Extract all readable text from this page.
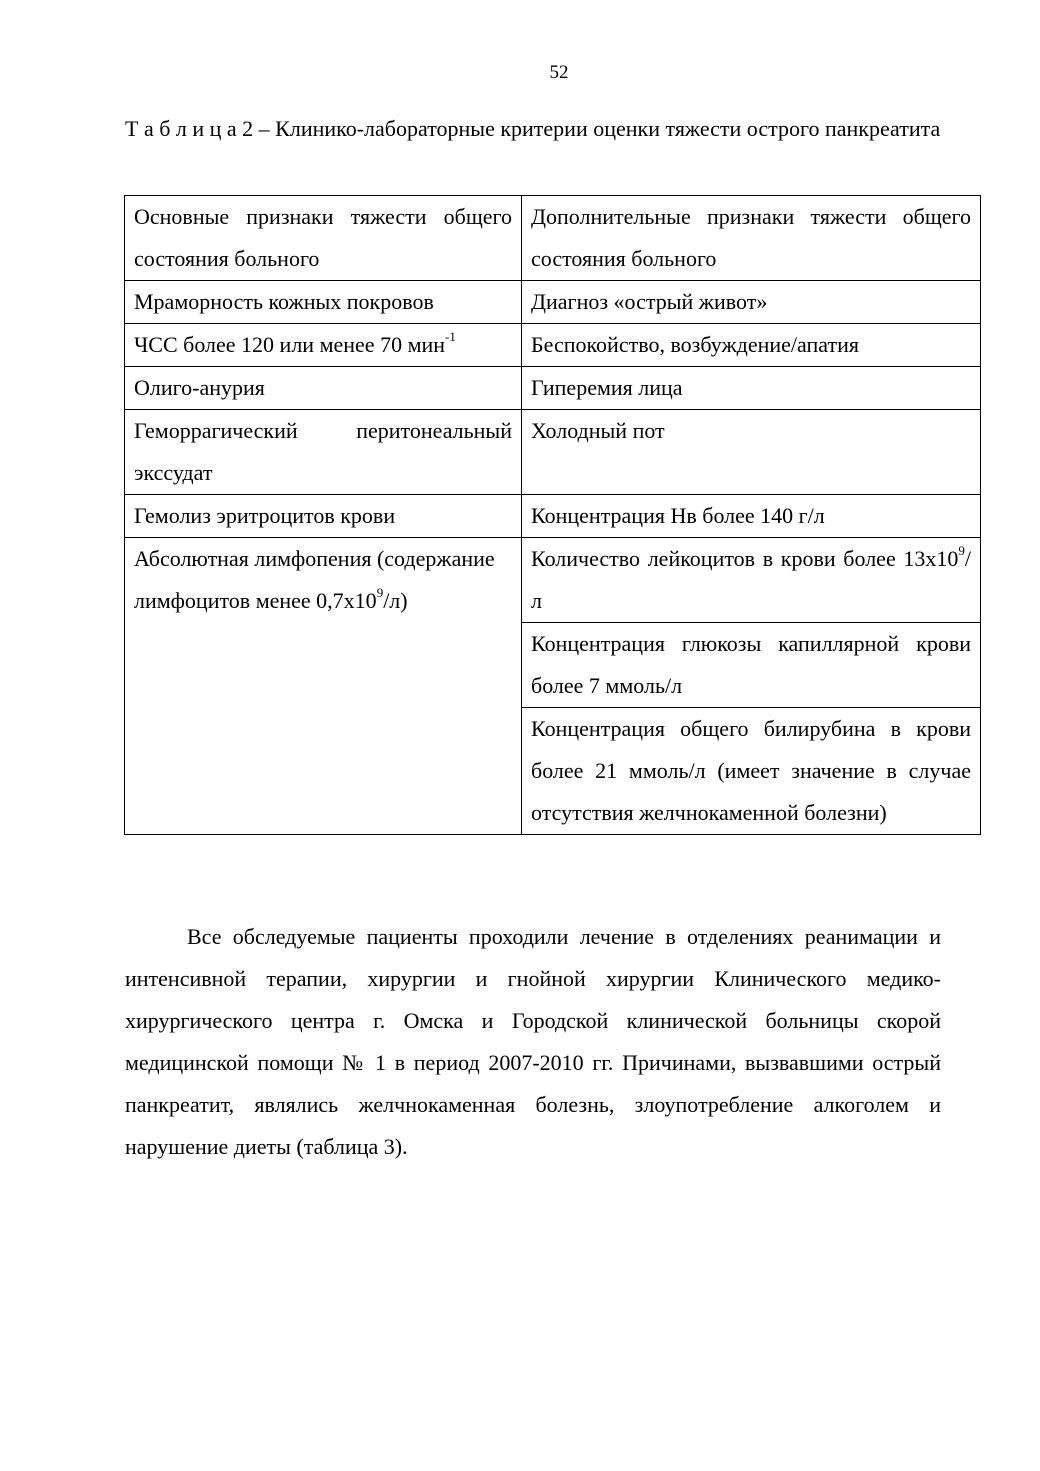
52
Т а б л и ц а 2 – Клинико-лабораторные критерии оценки тяжести острого панкреатита
Основные признаки тяжести общего состояния больного	Дополнительные признаки тяжести общего состояния больного
Мраморность кожных покровов	Диагноз «острый живот»
ЧСС более 120 или менее 70 мин$^{-1}$	Беспокойство, возбуждение/апатия
Олиго-анурия	Гиперемия лица
Геморрагический перитонеальный экссудат	Холодный пот
Гемолиз эритроцитов крови	Концентрация Нв более 140 г/л
Абсолютная лимфопения (содержание лимфоцитов менее $0,7х10^9/л$)	Количество лейкоцитов в крови более $13х10^9/л$
	Концентрация глюкозы капиллярной крови более 7 ммоль/л
	Концентрация общего билирубина в крови более 21 ммоль/л (имеет значение в случае отсутствия желчнокаменной болезни)

Все обследуемые пациенты проходили лечение в отделениях реанимации и интенсивной терапии, хирургии и гнойной хирургии Клинического медико-хирургического центра г. Омска и Городской клинической больницы скорой медицинской помощи № 1 в период 2007-2010 гг. Причинами, вызвавшими острый панкреатит, являлись желчнокаменная болезнь, злоупотребление алкоголем и нарушение диеты (таблица 3).
